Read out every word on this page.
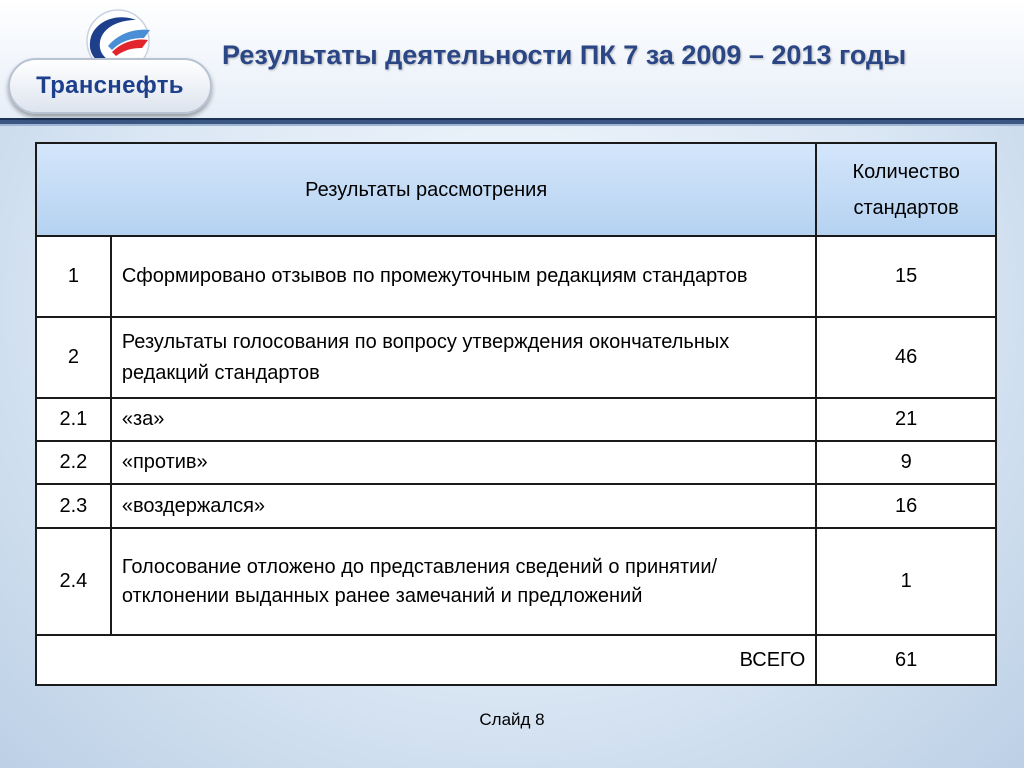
Транснефть
Результаты деятельности ПК 7 за 2009 – 2013 годы
Результаты рассмотрения		Количество стандартов
1	Сформировано отзывов по промежуточным редакциям стандартов	15
2	Результаты голосования по вопросу утверждения окончательных редакций стандартов	46
2.1	«за»	21
2.2	«против»	9
2.3	«воздержался»	16
2.4	Голосование отложено до представления сведений о принятии/отклонении выданных ранее замечаний и предложений	1
ВСЕГО		61
Слайд 8
